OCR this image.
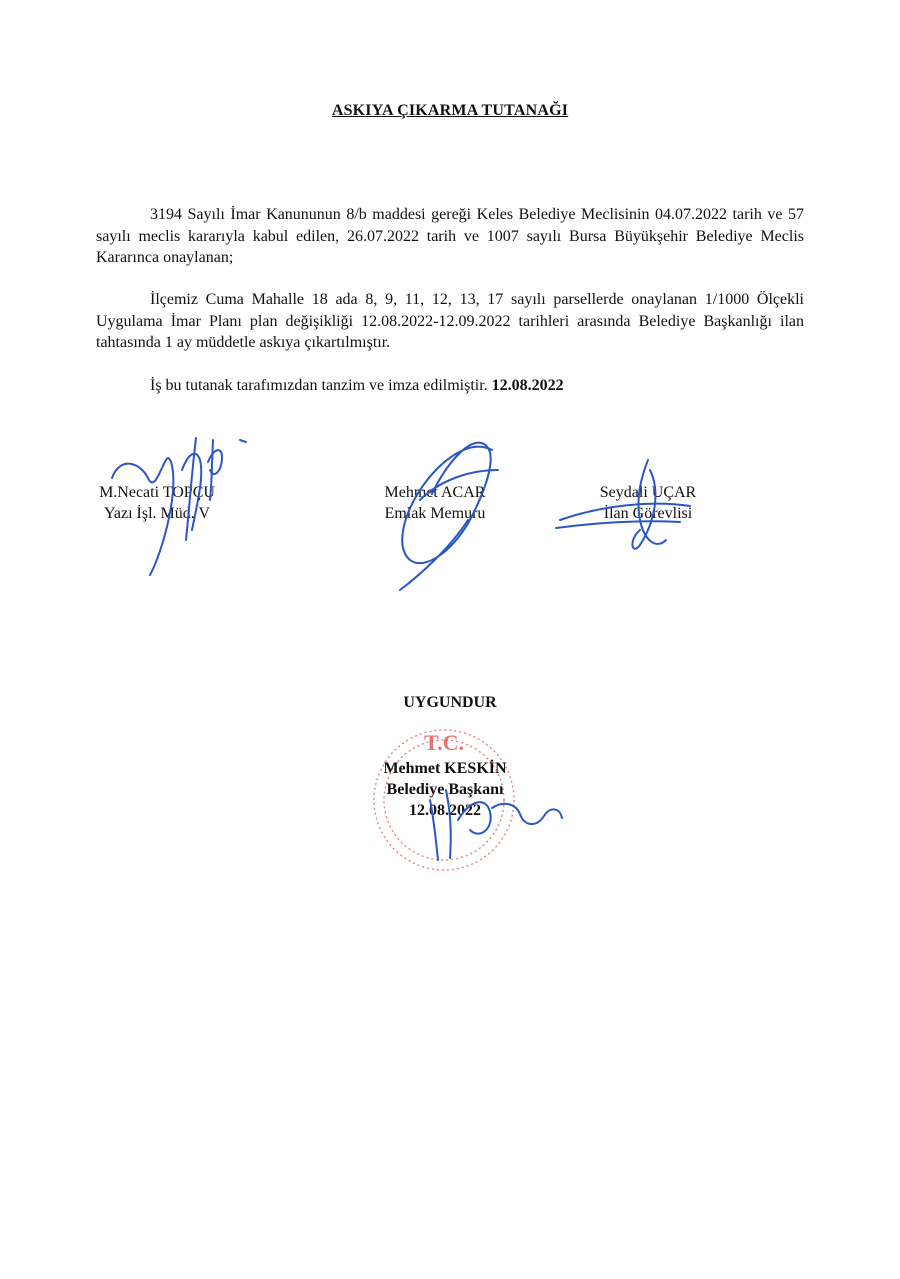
ASKIYA ÇIKARMA TUTANAĞI

3194 Sayılı İmar Kanununun 8/b maddesi gereği Keles Belediye Meclisinin 04.07.2022 tarih ve 57 sayılı meclis kararıyla kabul edilen, 26.07.2022 tarih ve 1007 sayılı Bursa Büyükşehir Belediye Meclis Kararınca onaylanan;

İlçemiz Cuma Mahalle 18 ada 8, 9, 11, 12, 13, 17 sayılı parsellerde onaylanan 1/1000 Ölçekli Uygulama İmar Planı plan değişikliği 12.08.2022-12.09.2022 tarihleri arasında Belediye Başkanlığı ilan tahtasında 1 ay müddetle askıya çıkartılmıştır.

İş bu tutanak tarafımızdan tanzim ve imza edilmiştir. 12.08.2022

M.Necati TOPÇU
Yazı İşl. Müd. V
Mehmet ACAR
Emlak Memuru
Seydali UÇAR
İlan Görevlisi
UYGUNDUR
T.C.
Mehmet KESKİN
Belediye Başkanı
12.08.2022
